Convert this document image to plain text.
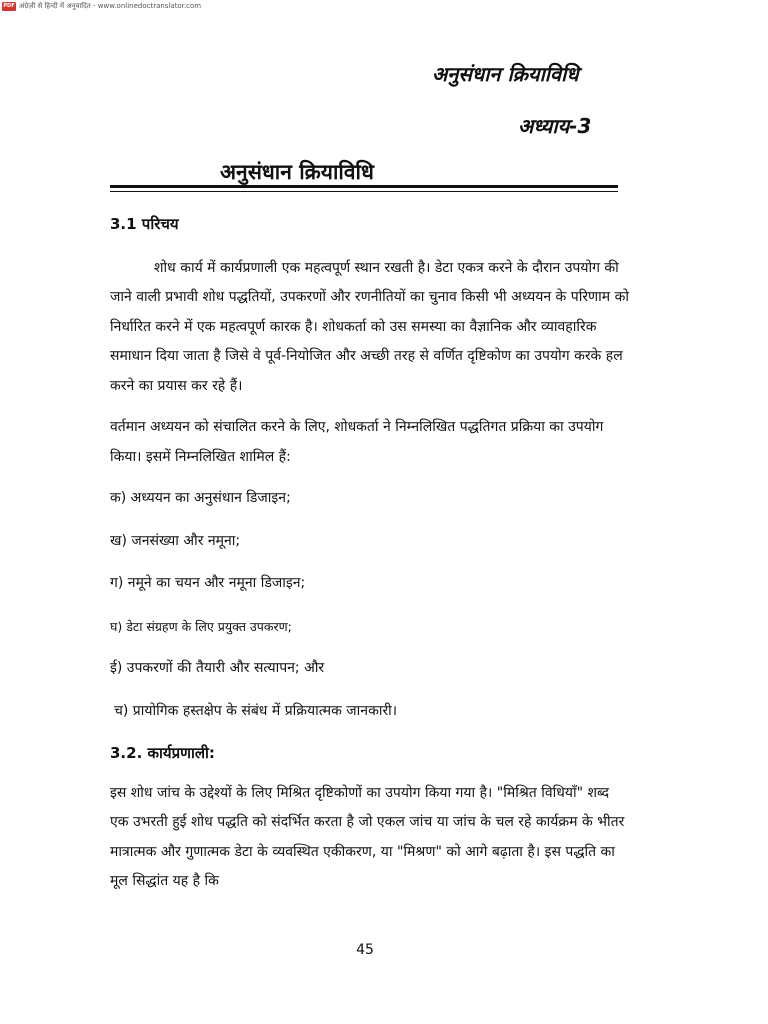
PDF अंग्रेज़ी से हिन्दी में अनुवादित - www.onlinedoctranslator.com
अनुसंधान क्रियाविधि
अध्याय-3
अनुसंधान क्रियाविधि
3.1 परिचय

शोध कार्य में कार्यप्रणाली एक महत्वपूर्ण स्थान रखती है। डेटा एकत्र करने के दौरान उपयोग की जाने वाली प्रभावी शोध पद्धतियों, उपकरणों और रणनीतियों का चुनाव किसी भी अध्ययन के परिणाम को निर्धारित करने में एक महत्वपूर्ण कारक है। शोधकर्ता को उस समस्या का वैज्ञानिक और व्यावहारिक समाधान दिया जाता है जिसे वे पूर्व-नियोजित और अच्छी तरह से वर्णित दृष्टिकोण का उपयोग करके हल करने का प्रयास कर रहे हैं।

वर्तमान अध्ययन को संचालित करने के लिए, शोधकर्ता ने निम्नलिखित पद्धतिगत प्रक्रिया का उपयोग किया। इसमें निम्नलिखित शामिल हैं:

क) अध्ययन का अनुसंधान डिजाइन;
ख) जनसंख्या और नमूना;
ग) नमूने का चयन और नमूना डिजाइन;
घ) डेटा संग्रहण के लिए प्रयुक्त उपकरण;
ई) उपकरणों की तैयारी और सत्यापन; और
च) प्रायोगिक हस्तक्षेप के संबंध में प्रक्रियात्मक जानकारी।
3.2. कार्यप्रणाली:

इस शोध जांच के उद्देश्यों के लिए मिश्रित दृष्टिकोणों का उपयोग किया गया है। "मिश्रित विधियाँ" शब्द एक उभरती हुई शोध पद्धति को संदर्भित करता है जो एकल जांच या जांच के चल रहे कार्यक्रम के भीतर मात्रात्मक और गुणात्मक डेटा के व्यवस्थित एकीकरण, या "मिश्रण" को आगे बढ़ाता है। इस पद्धति का मूल सिद्धांत यह है कि

45
